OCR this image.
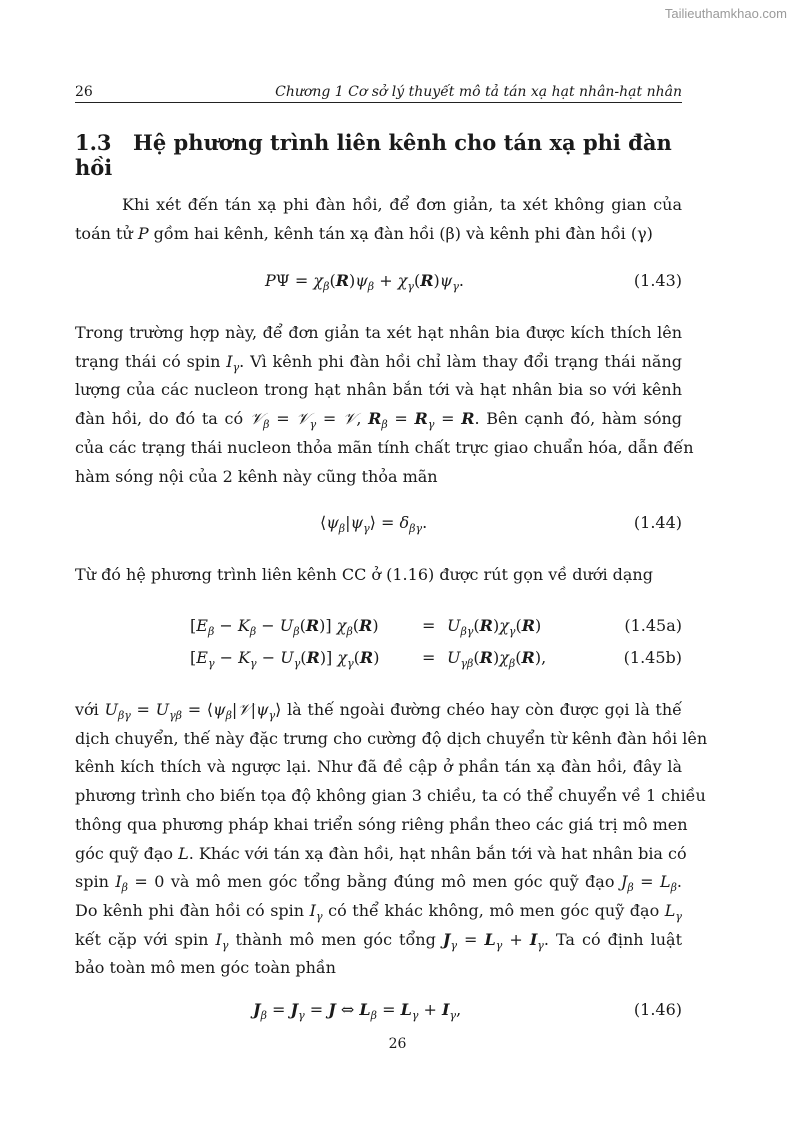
Tailieuthamkhao.com
26	Chương 1 Cơ sở lý thuyết mô tả tán xạ hạt nhân-hạt nhân
1.3 Hệ phương trình liên kênh cho tán xạ phi đàn hồi
Khi xét đến tán xạ phi đàn hồi, để đơn giản, ta xét không gian của
toán tử P gồm hai kênh, kênh tán xạ đàn hồi (β) và kênh phi đàn hồi (γ)
$P\Psi = \chi_\beta(R)\psi_\beta + \chi_\gamma(R)\psi_\gamma$.	(1.43)
Trong trường hợp này, để đơn giản ta xét hạt nhân bia được kích thích lên
trạng thái có spin $I_\gamma$. Vì kênh phi đàn hồi chỉ làm thay đổi trạng thái năng
lượng của các nucleon trong hạt nhân bắn tới và hạt nhân bia so với kênh
đàn hồi, do đó ta có 𝒱$_\beta$ = 𝒱$_\gamma$ = 𝒱, $R_\beta = R_\gamma = R$. Bên cạnh đó, hàm sóng
của các trạng thái nucleon thỏa mãn tính chất trực giao chuẩn hóa, dẫn đến
hàm sóng nội của 2 kênh này cũng thỏa mãn
$⟨\psi_\beta|\psi_\gamma⟩ = \delta_{\beta\gamma}$.	(1.44)
Từ đó hệ phương trình liên kênh CC ở (1.16) được rút gọn về dưới dạng
$[E_\beta - K_\beta - U_\beta(R)]$ $\chi_\beta(R)$	= $U_{\beta\gamma}(R)\chi_\gamma(R)$	(1.45a)
$[E_\gamma - K_\gamma - U_\gamma(R)]$ $\chi_\gamma(R)$	= $U_{\gamma\beta}(R)\chi_\beta(R)$,	(1.45b)
với $U_{\beta\gamma} = U_{\gamma\beta}$ = $⟨\psi_\beta|𝒱|\psi_\gamma⟩$ là thế ngoài đường chéo hay còn được gọi là thế
dịch chuyển, thế này đặc trưng cho cường độ dịch chuyển từ kênh đàn hồi lên
kênh kích thích và ngược lại. Như đã đề cập ở phần tán xạ đàn hồi, đây là
phương trình cho biến tọa độ không gian 3 chiều, ta có thể chuyển về 1 chiều
thông qua phương pháp khai triển sóng riêng phần theo các giá trị mô men
góc quỹ đạo L. Khác với tán xạ đàn hồi, hạt nhân bắn tới và hat nhân bia có
spin $I_\beta = 0$ và mô men góc tổng bằng đúng mô men góc quỹ đạo $J_\beta = L_\beta$.
Do kênh phi đàn hồi có spin $I_\gamma$ có thể khác không, mô men góc quỹ đạo $L_\gamma$
kết cặp với spin $I_\gamma$ thành mô men góc tổng $J_\gamma = L_\gamma + I_\gamma$. Ta có định luật
bảo toàn mô men góc toàn phần
$J_\beta = J_\gamma = J$ ⇔ $L_\beta = L_\gamma + I_\gamma$,	(1.46)
26
